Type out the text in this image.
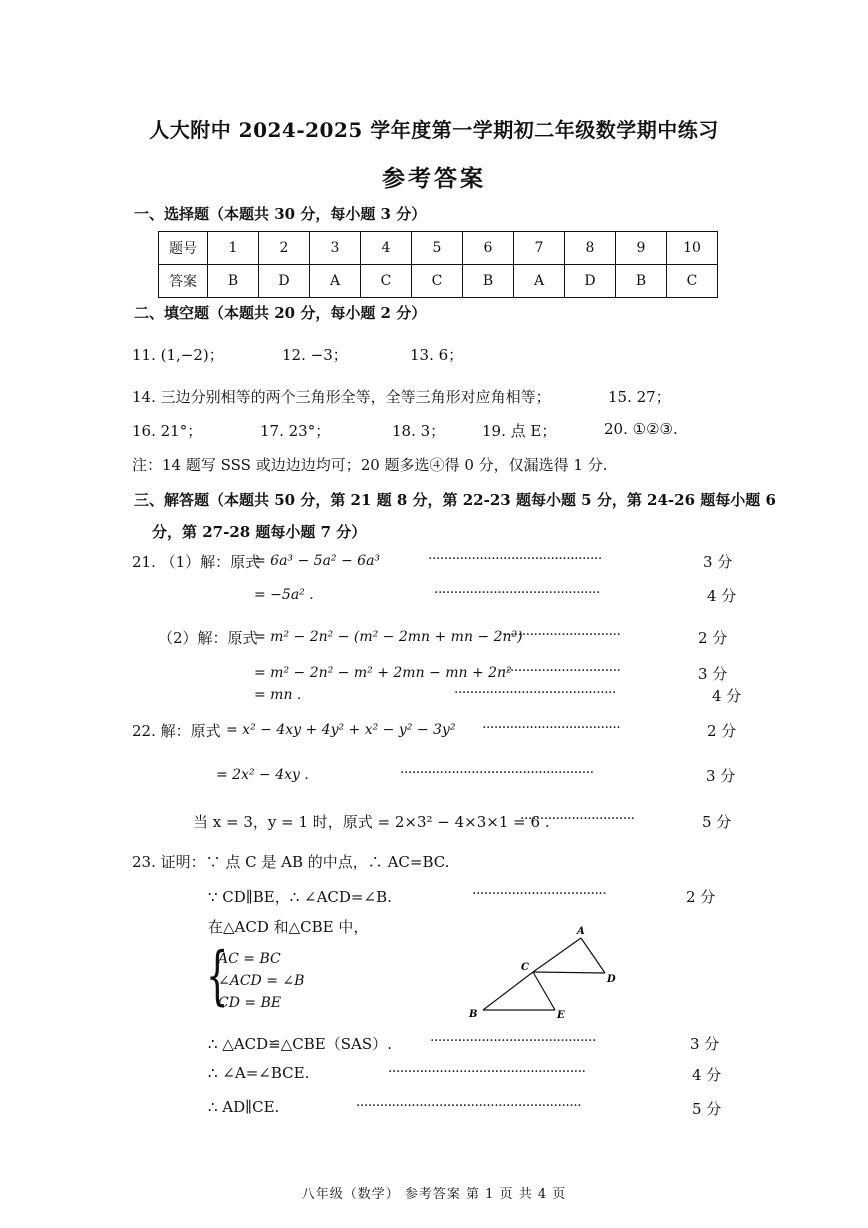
人大附中 2024-2025 学年度第一学期初二年级数学期中练习
参考答案
一、选择题（本题共 30 分，每小题 3 分）
题号	1	2	3	4	5	6	7	8	9	10
答案	B	D	A	C	C	B	A	D	B	C
二、填空题（本题共 20 分，每小题 2 分）
11. (1,−2)；	12. −3；	13. 6；
14. 三边分别相等的两个三角形全等，全等三角形对应角相等；	15. 27；
16. 21°；	17. 23°；	18. 3； 19. 点 E；	20. ①②③.
注：14 题写 SSS 或边边边均可；20 题多选④得 0 分，仅漏选得 1 分.
三、解答题（本题共 50 分，第 21 题 8 分，第 22-23 题每小题 5 分，第 24-26 题每小题 6
分，第 27-28 题每小题 7 分）
21. （1）解：原式
= 6a³ − 5a² − 6a³	············································	3 分
= −5a² .	··········································	4 分
（2）解：原式
= m² − 2n² − (m² − 2mn + mn − 2n²)
·······························	2 分
= m² − 2n² − m² + 2mn − mn + 2n²
······························	3 分
= mn .	·········································	4 分
22. 解：原式 = x² − 4xy + 4y² + x² − y² − 3y² ···································	2 分
= 2x² − 4xy .	·················································	3 分
当 x = 3，y = 1 时，原式 = 2×3² − 4×3×1 = 6 .
·····························	5 分
23. 证明：∵ 点 C 是 AB 的中点，∴ AC=BC.
∵ CD∥BE，∴ ∠ACD=∠B.	··································	2 分
在△ACD 和△CBE 中，
{
AC = BC
∠ACD = ∠B
CD = BE
A
C
D
B	E
∴ △ACD≌△CBE（SAS）.	··········································	3 分
∴ ∠A=∠BCE.	··················································	4 分
∴ AD∥CE.	·························································	5 分
八年级（数学） 参考答案 第 1 页 共 4 页
